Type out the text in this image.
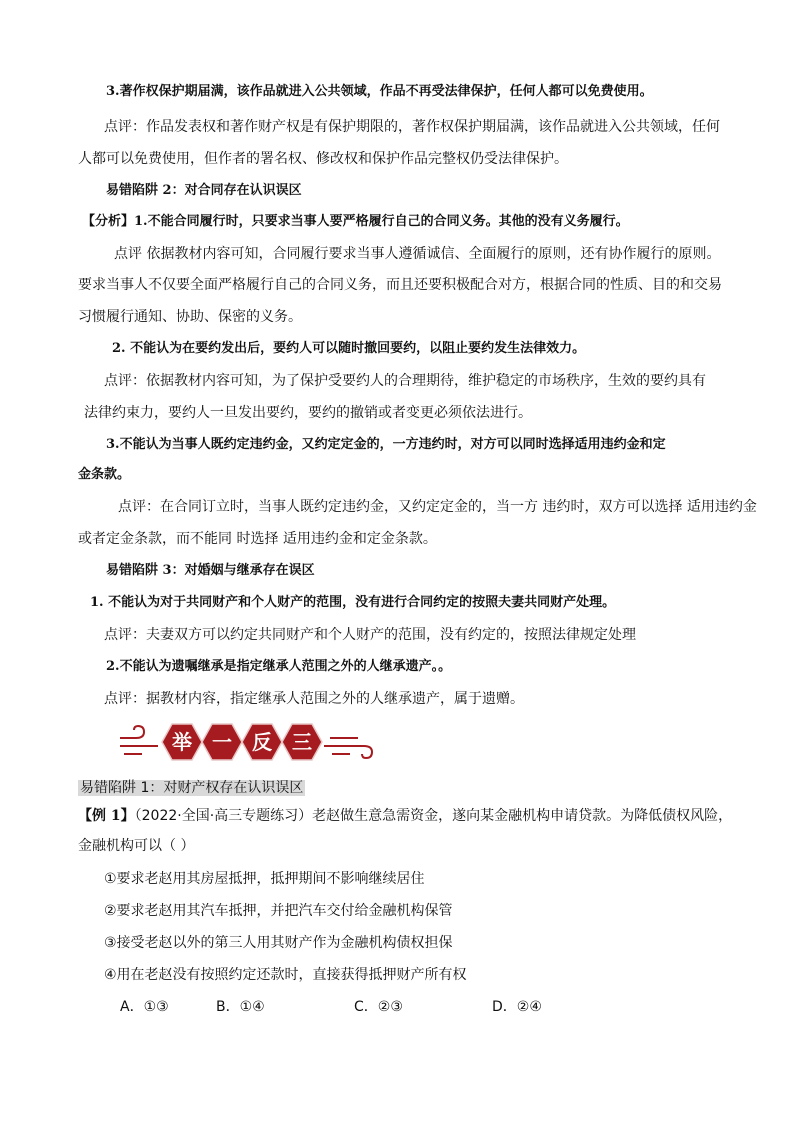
3.著作权保护期届满，该作品就进入公共领域，作品不再受法律保护，任何人都可以免费使用。
点评：作品发表权和著作财产权是有保护期限的，著作权保护期届满，该作品就进入公共领域，任何
人都可以免费使用，但作者的署名权、修改权和保护作品完整权仍受法律保护。
易错陷阱 2：对合同存在认识误区
【分析】1.不能合同履行时，只要求当事人要严格履行自己的合同义务。其他的没有义务履行。
点评 依据教材内容可知，合同履行要求当事人遵循诚信、全面履行的原则，还有协作履行的原则。
要求当事人不仅要全面严格履行自己的合同义务，而且还要积极配合对方，根据合同的性质、目的和交易
习惯履行通知、协助、保密的义务。
2. 不能认为在要约发出后，要约人可以随时撤回要约，以阻止要约发生法律效力。
点评：依据教材内容可知，为了保护受要约人的合理期待，维护稳定的市场秩序，生效的要约具有
法律约束力，要约人一旦发出要约，要约的撤销或者变更必须依法进行。
3.不能认为当事人既约定违约金，又约定定金的，一方违约时，对方可以同时选择适用违约金和定
金条款。
点评：在合同订立时，当事人既约定违约金，又约定定金的，当一方 违约时，双方可以选择 适用违约金
或者定金条款，而不能同 时选择 适用违约金和定金条款。
易错陷阱 3：对婚姻与继承存在误区
1. 不能认为对于共同财产和个人财产的范围，没有进行合同约定的按照夫妻共同财产处理。
点评：夫妻双方可以约定共同财产和个人财产的范围，没有约定的，按照法律规定处理
2.不能认为遗嘱继承是指定继承人范围之外的人继承遗产。。
点评：据教材内容，指定继承人范围之外的人继承遗产，属于遗赠。
举 一 反 三
易错陷阱 1：对财产权存在认识误区
【例 1】（2022·全国·高三专题练习）老赵做生意急需资金，遂向某金融机构申请贷款。为降低债权风险，
金融机构可以（ ）
①要求老赵用其房屋抵押，抵押期间不影响继续居住
②要求老赵用其汽车抵押，并把汽车交付给金融机构保管
③接受老赵以外的第三人用其财产作为金融机构债权担保
④用在老赵没有按照约定还款时，直接获得抵押财产所有权
A．①③	B．①④	C．②③	D．②④
